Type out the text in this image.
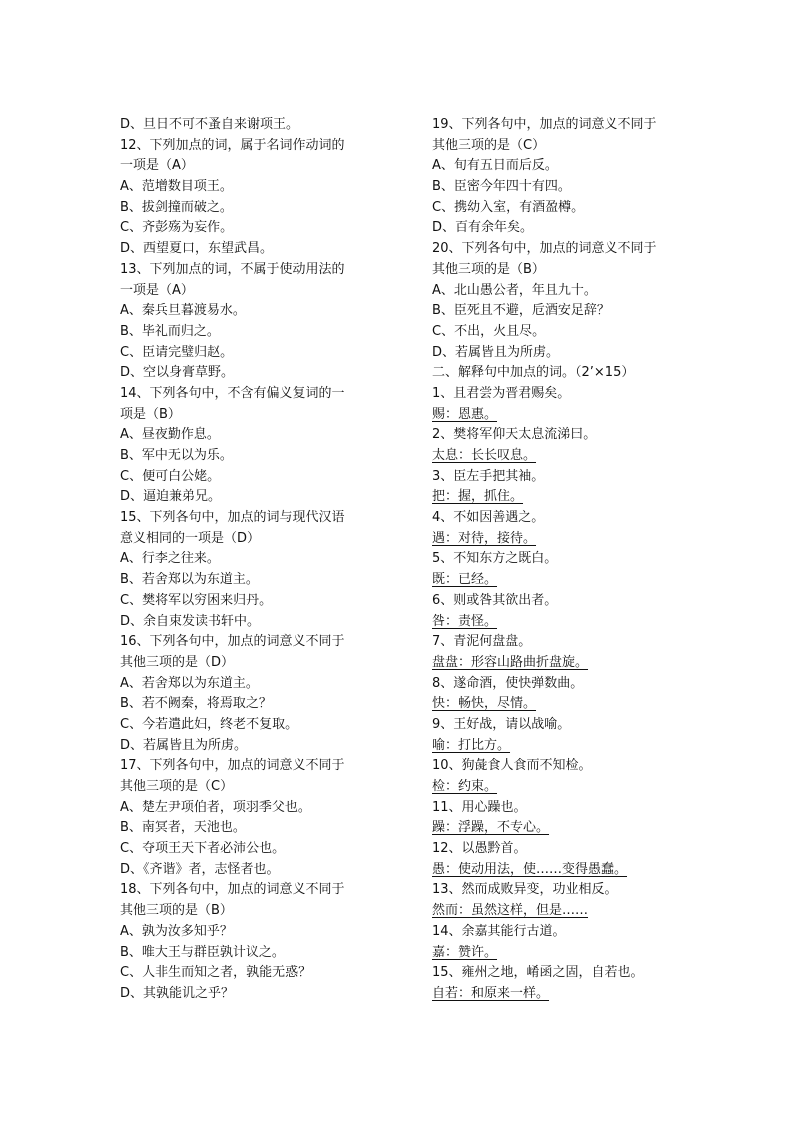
D、旦日不可不蚤自来谢项王。
12、下列加点的词，属于名词作动词的
一项是（A）
A、范增数目项王。
B、拔剑撞而破之。
C、齐彭殇为妄作。
D、西望夏口，东望武昌。
13、下列加点的词，不属于使动用法的
一项是（A）
A、秦兵旦暮渡易水。
B、毕礼而归之。
C、臣请完璧归赵。
D、空以身膏草野。
14、下列各句中，不含有偏义复词的一
项是（B）
A、昼夜勤作息。
B、军中无以为乐。
C、便可白公姥。
D、逼迫兼弟兄。
15、下列各句中，加点的词与现代汉语
意义相同的一项是（D）
A、行李之往来。
B、若舍郑以为东道主。
C、樊将军以穷困来归丹。
D、余自束发读书轩中。
16、下列各句中，加点的词意义不同于
其他三项的是（D）
A、若舍郑以为东道主。
B、若不阙秦，将焉取之？
C、今若遣此妇，终老不复取。
D、若属皆且为所虏。
17、下列各句中，加点的词意义不同于
其他三项的是（C）
A、楚左尹项伯者，项羽季父也。
B、南冥者，天池也。
C、夺项王天下者必沛公也。
D、《齐谐》者，志怪者也。
18、下列各句中，加点的词意义不同于
其他三项的是（B）
A、孰为汝多知乎？
B、唯大王与群臣孰计议之。
C、人非生而知之者，孰能无惑？
D、其孰能讥之乎？
19、下列各句中，加点的词意义不同于
其他三项的是（C）
A、旬有五日而后反。
B、臣密今年四十有四。
C、携幼入室，有酒盈樽。
D、百有余年矣。
20、下列各句中，加点的词意义不同于
其他三项的是（B）
A、北山愚公者，年且九十。
B、臣死且不避，卮酒安足辞？
C、不出，火且尽。
D、若属皆且为所虏。
二、解释句中加点的词。（2’×15）
1、且君尝为晋君赐矣。
赐：恩惠。
2、樊将军仰天太息流涕曰。
太息：长长叹息。
3、臣左手把其袖。
把：握，抓住。
4、不如因善遇之。
遇：对待，接待。
5、不知东方之既白。
既：已经。
6、则或咎其欲出者。
咎：责怪。
7、青泥何盘盘。
盘盘：形容山路曲折盘旋。
8、遂命酒，使快弹数曲。
快：畅快，尽情。
9、王好战，请以战喻。
喻：打比方。
10、狗彘食人食而不知检。
检：约束。
11、用心躁也。
躁：浮躁，不专心。
12、以愚黔首。
愚：使动用法，使……变得愚蠢。
13、然而成败异变，功业相反。
然而：虽然这样，但是……
14、余嘉其能行古道。
嘉：赞许。
15、雍州之地，崤函之固，自若也。
自若：和原来一样。
